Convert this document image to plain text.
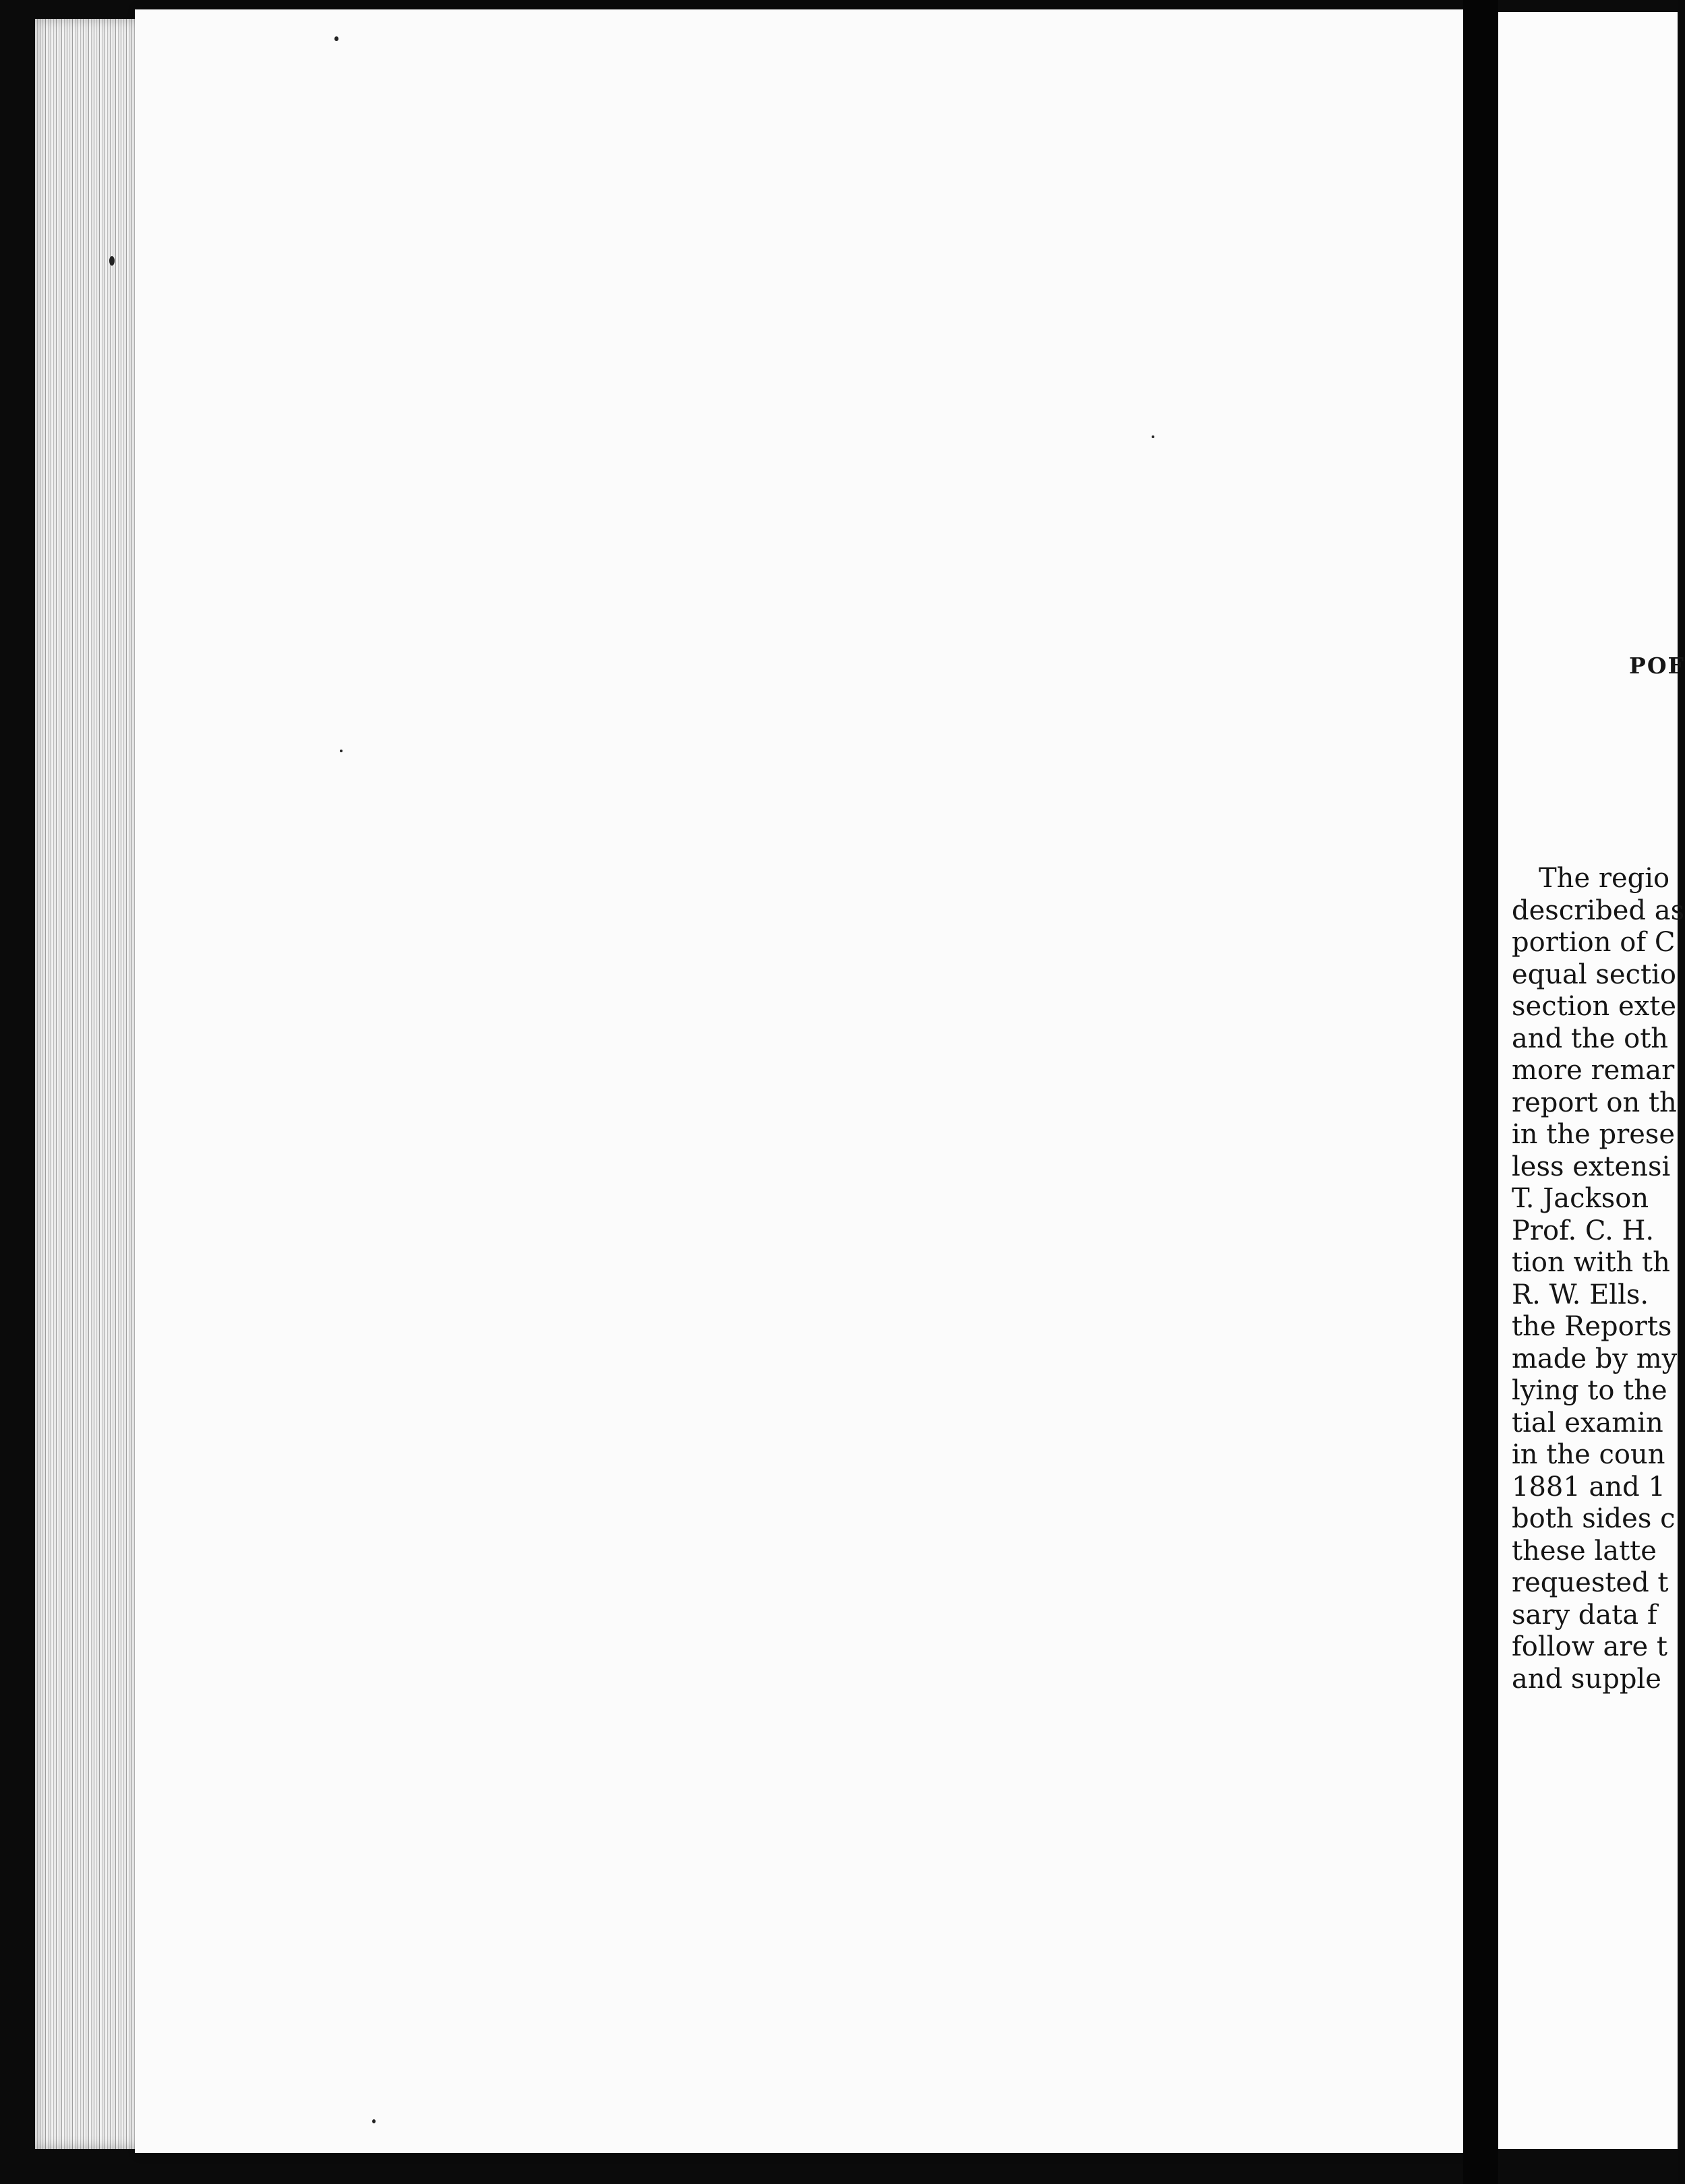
POF
The regio
described as
portion of C
equal sectio
section exte
and the oth
more remar
report on th
in the prese
less extensi
T. Jackson
Prof. C. H.
tion with th
R. W. Ells.
the Reports
made by my
lying to the
tial examin
in the coun
1881 and 1
both sides c
these latte
requested t
sary data f
follow are t
and supple
